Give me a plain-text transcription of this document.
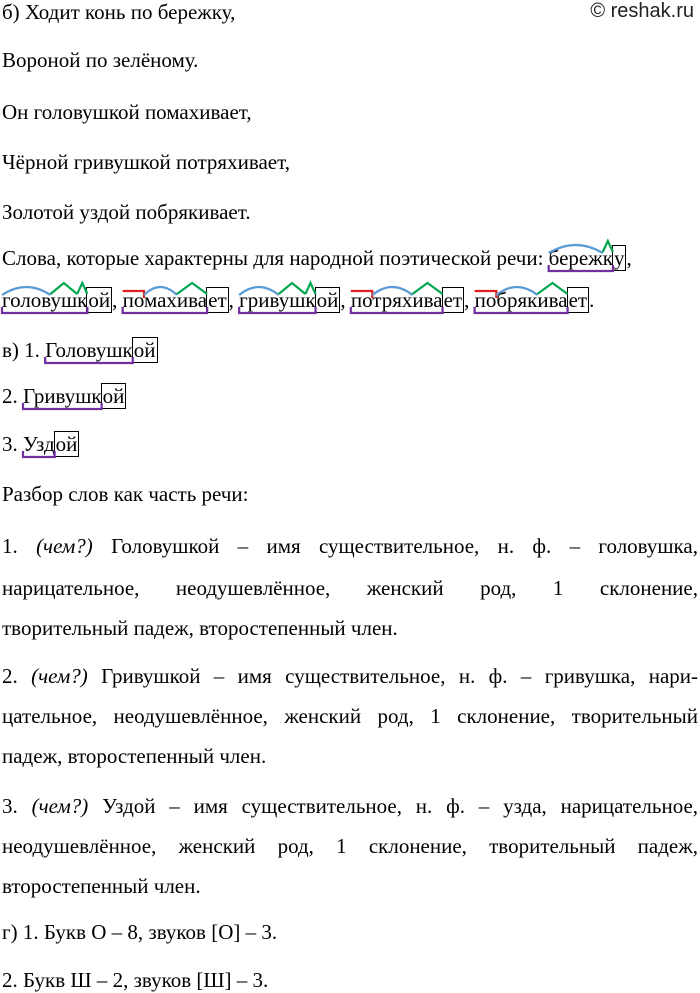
б) Ходит конь по бережку,	© reshak.ru
Вороной по зелёному.
Он головушкой помахивает,
Чёрной гривушкой потряхивает,
Золотой уздой побрякивает.
Слова, которые характерны для народной поэтической речи: бережку,
головушкой, помахивает, гривушкой, потряхивает, побрякивает.
в) 1. Головушкой
2. Гривушкой
3. Уздой
Разбор слов как часть речи:
1. (чем?) Головушкой – имя существительное, н. ф. – головушка,
нарицательное, неодушевлённое, женский род, 1 склонение,
творительный падеж, второстепенный член.
2. (чем?) Гривушкой – имя существительное, н. ф. – гривушка, нари-
цательное, неодушевлённое, женский род, 1 склонение, творительный
падеж, второстепенный член.
3. (чем?) Уздой – имя существительное, н. ф. – узда, нарицательное,
неодушевлённое, женский род, 1 склонение, творительный падеж,
второстепенный член.
г) 1. Букв О – 8, звуков [О] – 3.
2. Букв Ш – 2, звуков [Ш] – 3.
